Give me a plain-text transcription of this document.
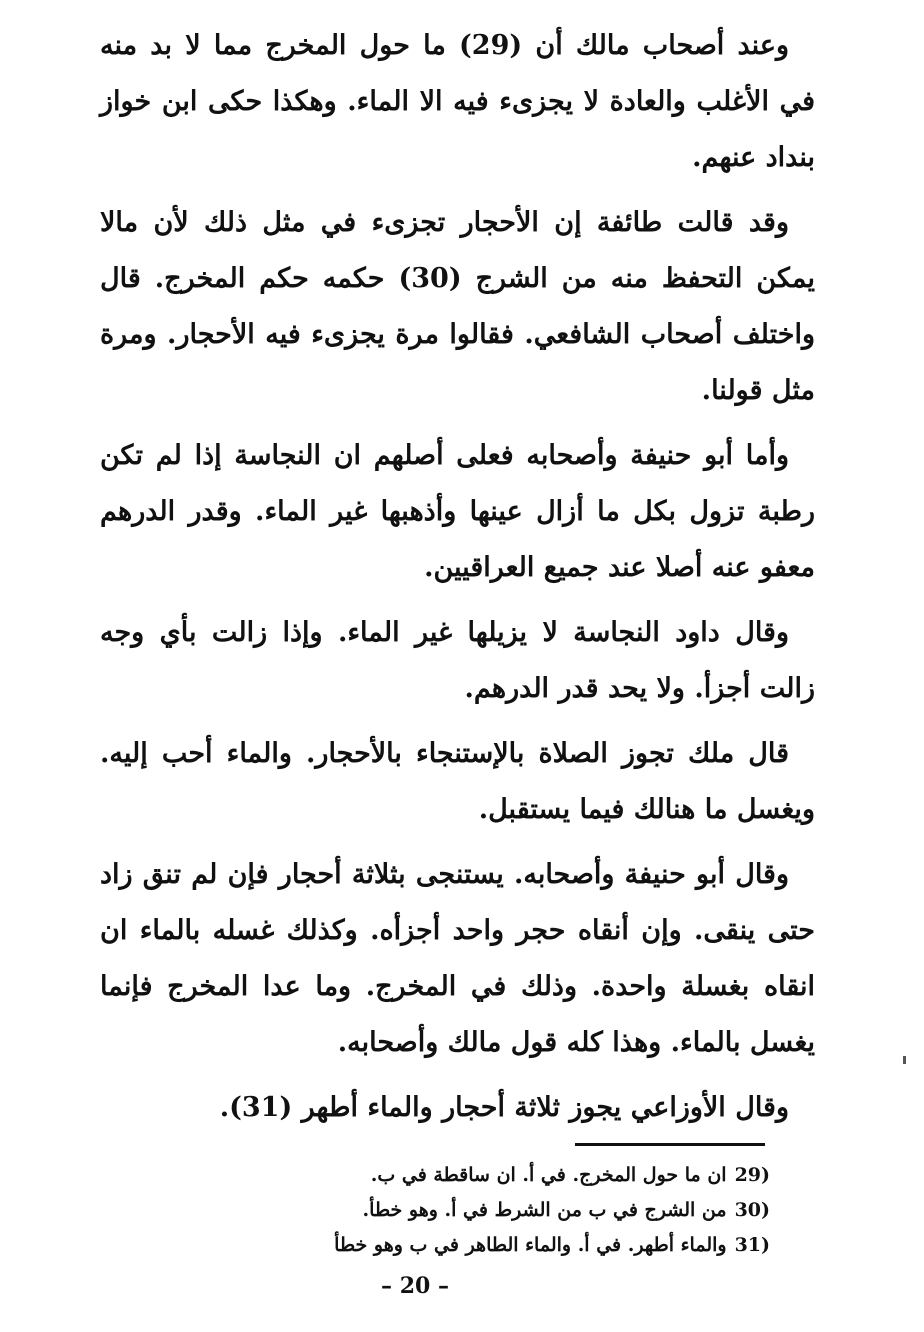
وعند أصحاب مالك أن (29) ما حول المخرج مما لا بد منه في الأغلب والعادة لا يجزىء فيه الا الماء. وهكذا حكى ابن خواز بنداد عنهم.

وقد قالت طائفة إن الأحجار تجزىء في مثل ذلك لأن مالا يمكن التحفظ منه من الشرج (30) حكمه حكم المخرج. قال واختلف أصحاب الشافعي. فقالوا مرة يجزىء فيه الأحجار. ومرة مثل قولنا.

وأما أبو حنيفة وأصحابه فعلى أصلهم ان النجاسة إذا لم تكن رطبة تزول بكل ما أزال عينها وأذهبها غير الماء. وقدر الدرهم معفو عنه أصلا عند جميع العراقيين.

وقال داود النجاسة لا يزيلها غير الماء. وإذا زالت بأي وجه زالت أجزأ. ولا يحد قدر الدرهم.

قال ملك تجوز الصلاة بالإستنجاء بالأحجار. والماء أحب إليه. ويغسل ما هنالك فيما يستقبل.

وقال أبو حنيفة وأصحابه. يستنجى بثلاثة أحجار فإن لم تنق زاد حتى ينقى. وإن أنقاه حجر واحد أجزأه. وكذلك غسله بالماء ان انقاه بغسلة واحدة. وذلك في المخرج. وما عدا المخرج فإنما يغسل بالماء. وهذا كله قول مالك وأصحابه.

وقال الأوزاعي يجوز ثلاثة أحجار والماء أطهر (31).

29)
ان ما حول المخرج. في أ. ان ساقطة في ب.
30)
من الشرج في ب من الشرط في أ. وهو خطأ.
31)
والماء أطهر. في أ. والماء الطاهر في ب وهو خطأ
– 20 –
